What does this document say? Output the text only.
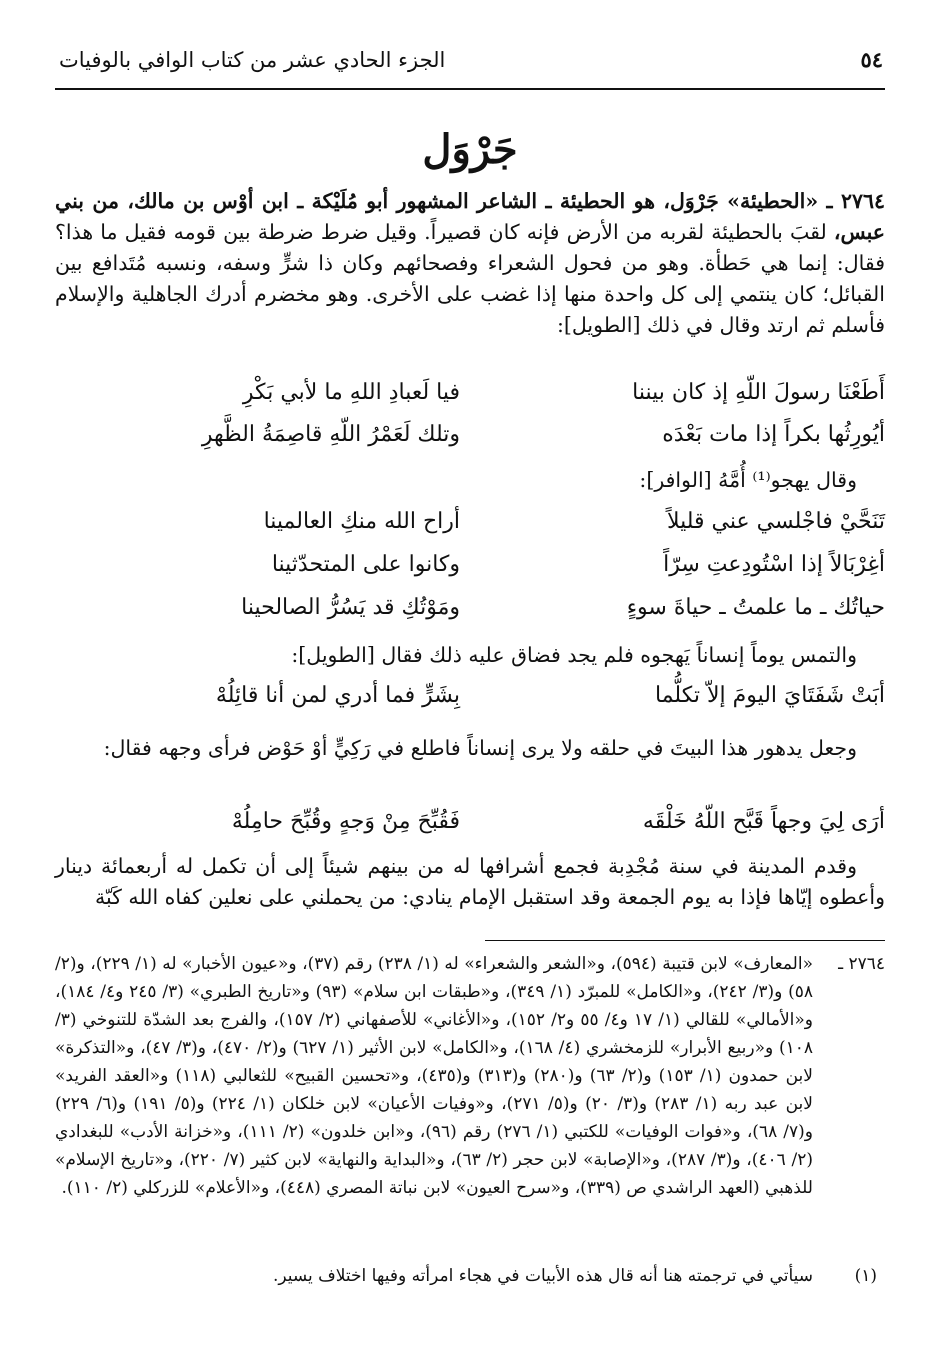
٥٤
الجزء الحادي عشر من كتاب الوافي بالوفيات
جَرْوَل

٢٧٦٤ ـ «الحطيئة» جَرْوَل، هو الحطيئة ـ الشاعر المشهور أبو مُلَيْكة ـ ابن أوْس بن مالك، من بني عبس، لقبَ بالحطيئة لقربه من الأرض فإنه كان قصيراً. وقيل ضرط ضرطة بين قومه فقيل ما هذا؟ فقال: إنما هي حَطأة. وهو من فحول الشعراء وفصحائهم وكان ذا شرٍّ وسفه، ونسبه مُتَدافع بين القبائل؛ كان ينتمي إلى كل واحدة منها إذا غضب على الأخرى. وهو مخضرم أدرك الجاهلية والإسلام فأسلم ثم ارتد وقال في ذلك [الطويل]:

أَطَعْنَا رسولَ اللّهِ إذ كان بيننا
فيا لَعبادِ اللهِ ما لأبي بَكْرِ
أيُورِثُها بكراً إذا مات بَعْدَه
وتلك لَعَمْرُ اللّهِ قاصِمَةُ الظَّهرِ
وقال يهجو⁽¹⁾ أُمَّهُ [الوافر]:
تَنَحَّيْ فاجْلسي عني قليلاً
أراح الله منكِ العالمينا
أغِرْبَالاً إذا اسْتُودِعتِ سِرّاً
وكانوا على المتحدّثينا
حياتُك ـ ما علمتُ ـ حياةَ سوءٍ
ومَوْتُكِ قد يَسُرُّ الصالحينا
والتمس يوماً إنساناً يَهجوه فلم يجد فضاق عليه ذلك فقال [الطويل]:
أبَتْ شَفَتَايَ اليومَ إلاّ تكلُّما
بِشَرٍّ فما أدري لمن أنا قائِلُهْ

وجعل يدهور هذا البيتَ في حلقه ولا يرى إنساناً فاطلع في رَكِيٍّ أوْ حَوْض فرأى وجهه فقال:

أرَى لِيَ وجهاً قَبَّح اللّهُ خَلْقَه
فَقُبِّحَ مِنْ وَجهٍ وقُبِّحَ حامِلُهْ

وقدم المدينة في سنة مُجْدِبة فجمع أشرافها له من بينهم شيئاً إلى أن تكمل له أربعمائة دينار وأعطوه إيّاها فإذا به يوم الجمعة وقد استقبل الإمام ينادي: من يحملني على نعلين كفاه الله كَبّة

٢٧٦٤ ـ
«المعارف» لابن قتيبة (٥٩٤)، و«الشعر والشعراء» له (١/ ٢٣٨) رقم (٣٧)، و«عيون الأخبار» له (١/ ٢٢٩)، و(٢/ ٥٨) و(٣/ ٢٤٢)، و«الكامل» للمبرّد (١/ ٣٤٩)، و«طبقات ابن سلام» (٩٣) و«تاريخ الطبري» (٣/ ٢٤٥ و٤/ ١٨٤)، و«الأمالي» للقالي (١/ ١٧ و٤/ ٥٥ و٢/ ١٥٢)، و«الأغاني» للأصفهاني (٢/ ١٥٧)، والفرج بعد الشدّة للتنوخي (٣/ ١٠٨) و«ربيع الأبرار» للزمخشري (٤/ ١٦٨)، و«الكامل» لابن الأثير (١/ ٦٢٧) و(٢/ ٤٧٠)، و(٣/ ٤٧)، و«التذكرة» لابن حمدون (١/ ١٥٣) و(٢/ ٦٣) و(٢٨٠) و(٣١٣) و(٤٣٥)، و«تحسين القبيح» للثعالبي (١١٨) و«العقد الفريد» لابن عبد ربه (١/ ٢٨٣) و(٣/ ٢٠) و(٥/ ٢٧١)، و«وفيات الأعيان» لابن خلكان (١/ ٢٢٤) و(٥/ ١٩١) و(٦/ ٢٢٩) و(٧/ ٦٨)، و«فوات الوفيات» للكتبي (١/ ٢٧٦) رقم (٩٦)، و«ابن خلدون» (٢/ ١١١)، و«خزانة الأدب» للبغدادي (٢/ ٤٠٦)، و(٣/ ٢٨٧)، و«الإصابة» لابن حجر (٢/ ٦٣)، و«البداية والنهاية» لابن كثير (٧/ ٢٢٠)، و«تاريخ الإسلام» للذهبي (العهد الراشدي ص (٣٣٩)، و«سرح العيون» لابن نباتة المصري (٤٤٨)، و«الأعلام» للزركلي (٢/ ١١٠).

(١)
سيأتي في ترجمته هنا أنه قال هذه الأبيات في هجاء امرأته وفيها اختلاف يسير.
